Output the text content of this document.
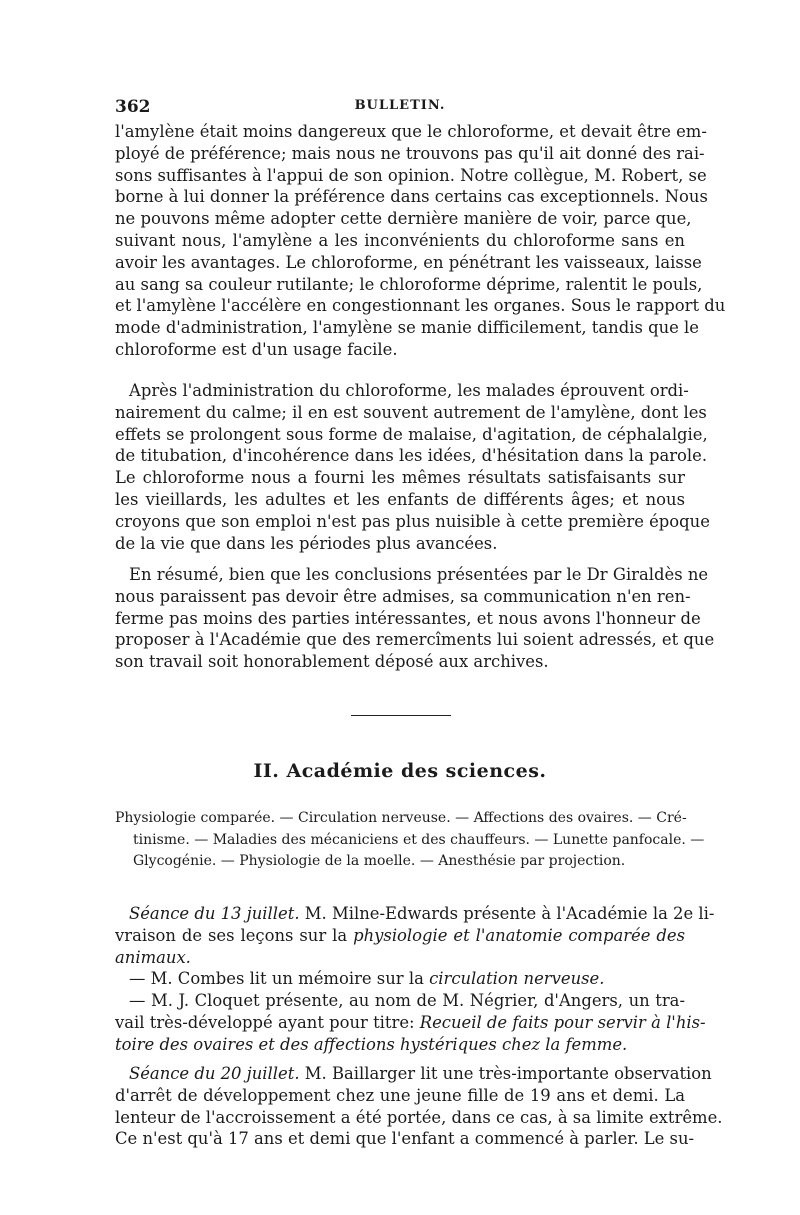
362	BULLETIN.
l'amylène était moins dangereux que le chloroforme, et devait être em-
ployé de préférence; mais nous ne trouvons pas qu'il ait donné des rai-
sons suffisantes à l'appui de son opinion. Notre collègue, M. Robert, se
borne à lui donner la préférence dans certains cas exceptionnels. Nous
ne pouvons même adopter cette dernière manière de voir, parce que,
suivant nous, l'amylène a les inconvénients du chloroforme sans en
avoir les avantages. Le chloroforme, en pénétrant les vaisseaux, laisse
au sang sa couleur rutilante; le chloroforme déprime, ralentit le pouls,
et l'amylène l'accélère en congestionnant les organes. Sous le rapport du
mode d'administration, l'amylène se manie difficilement, tandis que le
chloroforme est d'un usage facile.
Après l'administration du chloroforme, les malades éprouvent ordi-
nairement du calme; il en est souvent autrement de l'amylène, dont les
effets se prolongent sous forme de malaise, d'agitation, de céphalalgie,
de titubation, d'incohérence dans les idées, d'hésitation dans la parole.
Le chloroforme nous a fourni les mêmes résultats satisfaisants sur
les vieillards, les adultes et les enfants de différents âges; et nous
croyons que son emploi n'est pas plus nuisible à cette première époque
de la vie que dans les périodes plus avancées.
En résumé, bien que les conclusions présentées par le Dr Giraldès ne
nous paraissent pas devoir être admises, sa communication n'en ren-
ferme pas moins des parties intéressantes, et nous avons l'honneur de
proposer à l'Académie que des remercîments lui soient adressés, et que
son travail soit honorablement déposé aux archives.
II. Académie des sciences.
Physiologie comparée. — Circulation nerveuse. — Affections des ovaires. — Cré-
tinisme. — Maladies des mécaniciens et des chauffeurs. — Lunette panfocale. —
Glycogénie. — Physiologie de la moelle. — Anesthésie par projection.
Séance du 13 juillet. M. Milne-Edwards présente à l'Académie la 2e li-
vraison de ses leçons sur la physiologie et l'anatomie comparée des
animaux.
— M. Combes lit un mémoire sur la circulation nerveuse.
— M. J. Cloquet présente, au nom de M. Négrier, d'Angers, un tra-
vail très-développé ayant pour titre: Recueil de faits pour servir à l'his-
toire des ovaires et des affections hystériques chez la femme.
Séance du 20 juillet. M. Baillarger lit une très-importante observation
d'arrêt de développement chez une jeune fille de 19 ans et demi. La
lenteur de l'accroissement a été portée, dans ce cas, à sa limite extrême.
Ce n'est qu'à 17 ans et demi que l'enfant a commencé à parler. Le su-
